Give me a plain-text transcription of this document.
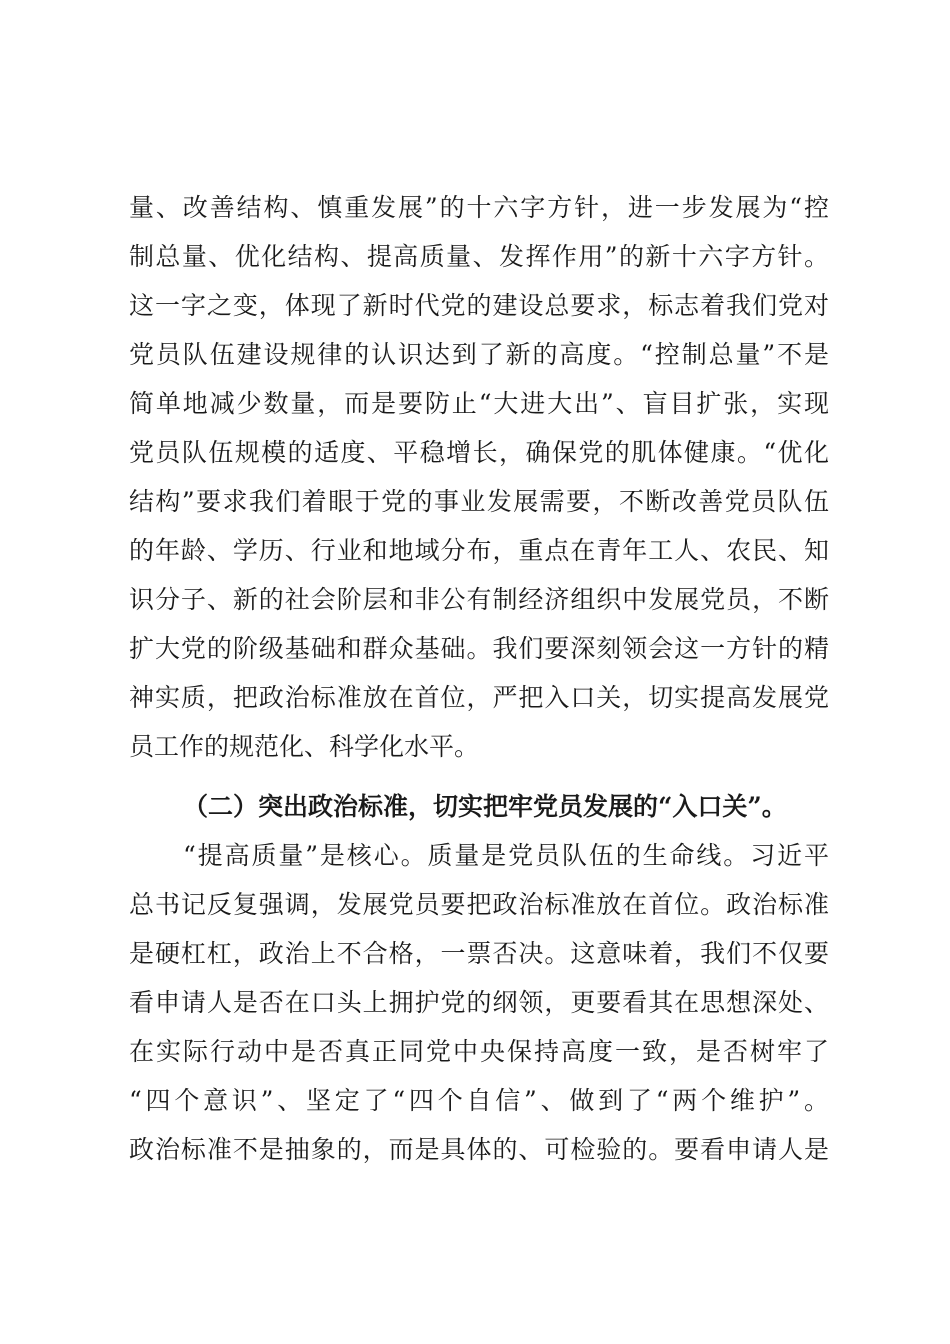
量、改善结构、慎重发展”的十六字方针，进一步发展为“控
制总量、优化结构、提高质量、发挥作用”的新十六字方针。
这一字之变，体现了新时代党的建设总要求，标志着我们党对
党员队伍建设规律的认识达到了新的高度。“控制总量”不是
简单地减少数量，而是要防止“大进大出”、盲目扩张，实现
党员队伍规模的适度、平稳增长，确保党的肌体健康。“优化
结构”要求我们着眼于党的事业发展需要，不断改善党员队伍
的年龄、学历、行业和地域分布，重点在青年工人、农民、知
识分子、新的社会阶层和非公有制经济组织中发展党员，不断
扩大党的阶级基础和群众基础。我们要深刻领会这一方针的精
神实质，把政治标准放在首位，严把入口关，切实提高发展党
员工作的规范化、科学化水平。
（二）突出政治标准，切实把牢党员发展的“入口关”。
“提高质量”是核心。质量是党员队伍的生命线。习近平
总书记反复强调，发展党员要把政治标准放在首位。政治标准
是硬杠杠，政治上不合格，一票否决。这意味着，我们不仅要
看申请人是否在口头上拥护党的纲领，更要看其在思想深处、
在实际行动中是否真正同党中央保持高度一致，是否树牢了
“四个意识”、坚定了“四个自信”、做到了“两个维护”。
政治标准不是抽象的，而是具体的、可检验的。要看申请人是
